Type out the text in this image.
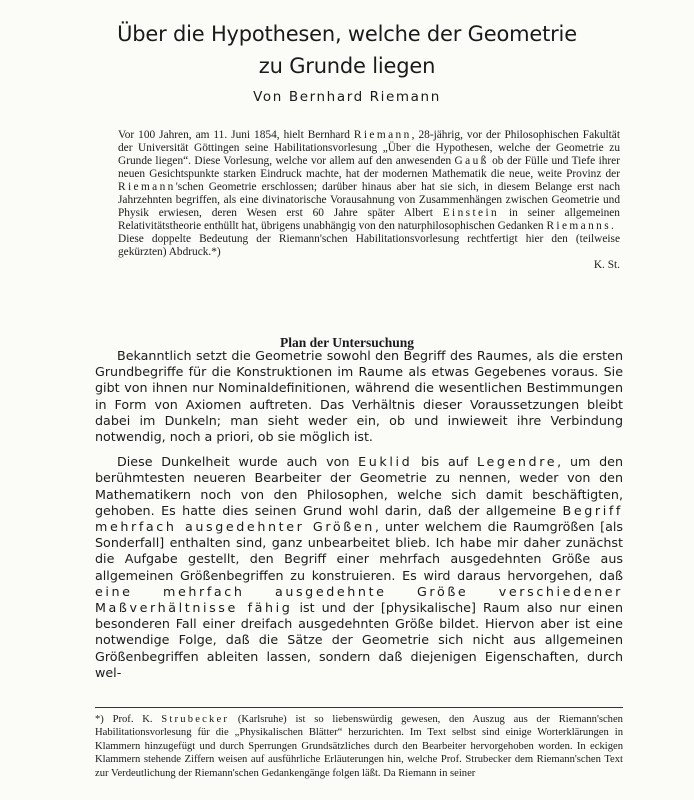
Über die Hypothesen, welche der Geometrie
zu Grunde liegen
Von Bernhard Riemann

Vor 100 Jahren, am 11. Juni 1854, hielt Bernhard Riemann, 28-jährig, vor der Philosophischen Fakultät der Universität Göttingen seine Habilitationsvorlesung „Über die Hypothesen, welche der Geometrie zu Grunde liegen“. Diese Vorlesung, welche vor allem auf den anwesenden Gauß ob der Fülle und Tiefe ihrer neuen Gesichtspunkte starken Eindruck machte, hat der modernen Mathematik die neue, weite Provinz der Riemann'schen Geometrie erschlossen; darüber hinaus aber hat sie sich, in diesem Belange erst nach Jahrzehnten begriffen, als eine divinatorische Vorausahnung von Zusammenhängen zwischen Geometrie und Physik erwiesen, deren Wesen erst 60 Jahre später Albert Einstein in seiner allgemeinen Relativitätstheorie enthüllt hat, übrigens unabhängig von den naturphilosophischen Gedanken Riemanns.

Diese doppelte Bedeutung der Riemann'schen Habilitationsvorlesung rechtfertigt hier den (teilweise gekürzten) Abdruck.*)

K. St.

Plan der Untersuchung

Bekanntlich setzt die Geometrie sowohl den Begriff des Raumes, als die ersten Grundbegriffe für die Konstruktionen im Raume als etwas Gegebenes voraus. Sie gibt von ihnen nur Nominaldefinitionen, während die wesentlichen Bestimmungen in Form von Axiomen auftreten. Das Verhältnis dieser Voraussetzungen bleibt dabei im Dunkeln; man sieht weder ein, ob und inwieweit ihre Verbindung notwendig, noch a priori, ob sie möglich ist.

Diese Dunkelheit wurde auch von Euklid bis auf Legendre, um den berühmtesten neueren Bearbeiter der Geometrie zu nennen, weder von den Mathematikern noch von den Philosophen, welche sich damit beschäftigten, gehoben. Es hatte dies seinen Grund wohl darin, daß der allgemeine Begriff mehrfach ausgedehnter Größen, unter welchem die Raumgrößen [als Sonderfall] enthalten sind, ganz unbearbeitet blieb. Ich habe mir daher zunächst die Aufgabe gestellt, den Begriff einer mehrfach ausgedehnten Größe aus allgemeinen Größenbegriffen zu konstruieren. Es wird daraus hervorgehen, daß eine mehrfach ausgedehnte Größe verschiedener Maßverhältnisse fähig ist und der [physikalische] Raum also nur einen besonderen Fall einer dreifach ausgedehnten Größe bildet. Hiervon aber ist eine notwendige Folge, daß die Sätze der Geometrie sich nicht aus allgemeinen Größenbegriffen ableiten lassen, sondern daß diejenigen Eigenschaften, durch wel-

*) Prof. K. Strubecker (Karlsruhe) ist so liebenswürdig gewesen, den Auszug aus der Riemann'schen Habilitationsvorlesung für die „Physikalischen Blätter“ herzurichten. Im Text selbst sind einige Worterklärungen in Klammern hinzugefügt und durch Sperrungen Grundsätzliches durch den Bearbeiter hervorgehoben worden. In eckigen Klammern stehende Ziffern weisen auf ausführliche Erläuterungen hin, welche Prof. Strubecker dem Riemann'schen Text zur Verdeutlichung der Riemann'schen Gedankengänge folgen läßt. Da Riemann in seiner
